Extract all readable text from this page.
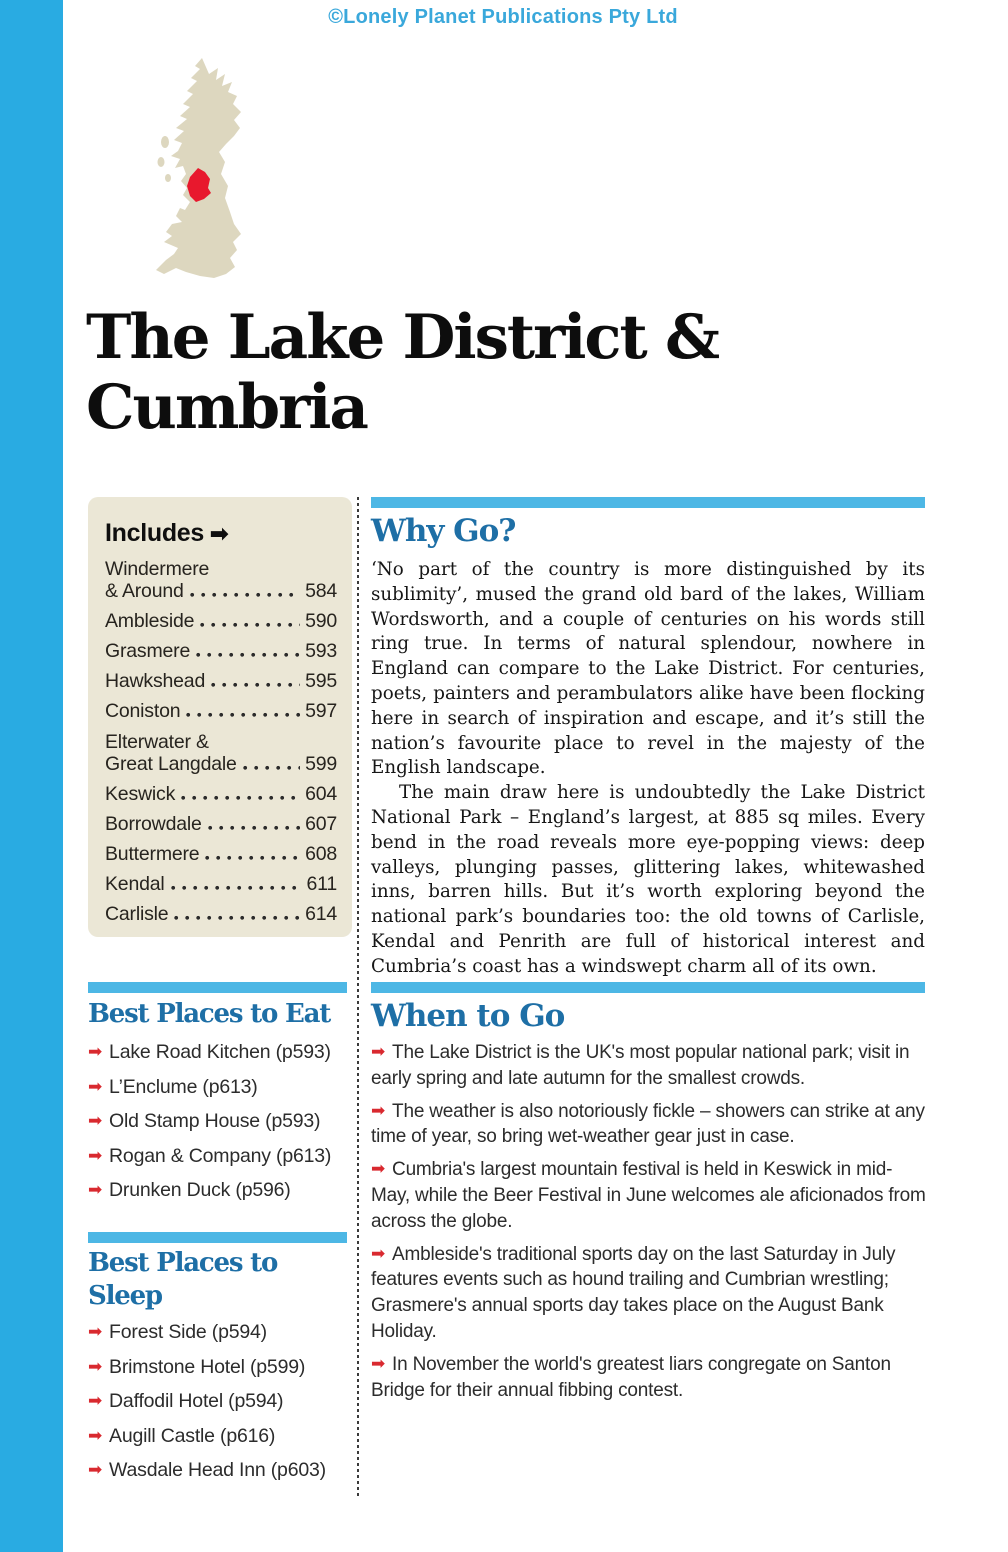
©Lonely Planet Publications Pty Ltd
The Lake District &
Cumbria
Includes ➡
Windermere
& Around	584
Ambleside	590
Grasmere	593
Hawkshead	595
Coniston	597
Elterwater &
Great Langdale	599
Keswick	604
Borrowdale	607
Buttermere	608
Kendal	611
Carlisle	614
Why Go?

‘No part of the country is more distinguished by its sublimity’, mused the grand old bard of the lakes, William Wordsworth, and a couple of centuries on his words still ring true. In terms of natural splendour, nowhere in England can compare to the Lake District. For centuries, poets, painters and perambulators alike have been flocking here in search of inspiration and escape, and it’s still the nation’s favourite place to revel in the majesty of the English landscape.

The main draw here is undoubtedly the Lake District National Park – England’s largest, at 885 sq miles. Every bend in the road reveals more eye-popping views: deep valleys, plunging passes, glittering lakes, whitewashed inns, barren hills. But it’s worth exploring beyond the national park’s boundaries too: the old towns of Carlisle, Kendal and Penrith are full of historical interest and Cumbria’s coast has a windswept charm all of its own.

Best Places to Eat
➡ Lake Road Kitchen (p593)
➡ L’Enclume (p613)
➡ Old Stamp House (p593)
➡ Rogan & Company (p613)
➡ Drunken Duck (p596)
When to Go

➡ The Lake District is the UK's most popular national park; visit in early spring and late autumn for the smallest crowds.

➡ The weather is also notoriously fickle – showers can strike at any time of year, so bring wet-weather gear just in case.

➡ Cumbria's largest mountain festival is held in Keswick in mid-May, while the Beer Festival in June welcomes ale aficionados from across the globe.

➡ Ambleside's traditional sports day on the last Saturday in July features events such as hound trailing and Cumbrian wrestling; Grasmere's annual sports day takes place on the August Bank Holiday.

➡ In November the world's greatest liars congregate on Santon Bridge for their annual fibbing contest.

Best Places to
Sleep
➡ Forest Side (p594)
➡ Brimstone Hotel (p599)
➡ Daffodil Hotel (p594)
➡ Augill Castle (p616)
➡ Wasdale Head Inn (p603)
